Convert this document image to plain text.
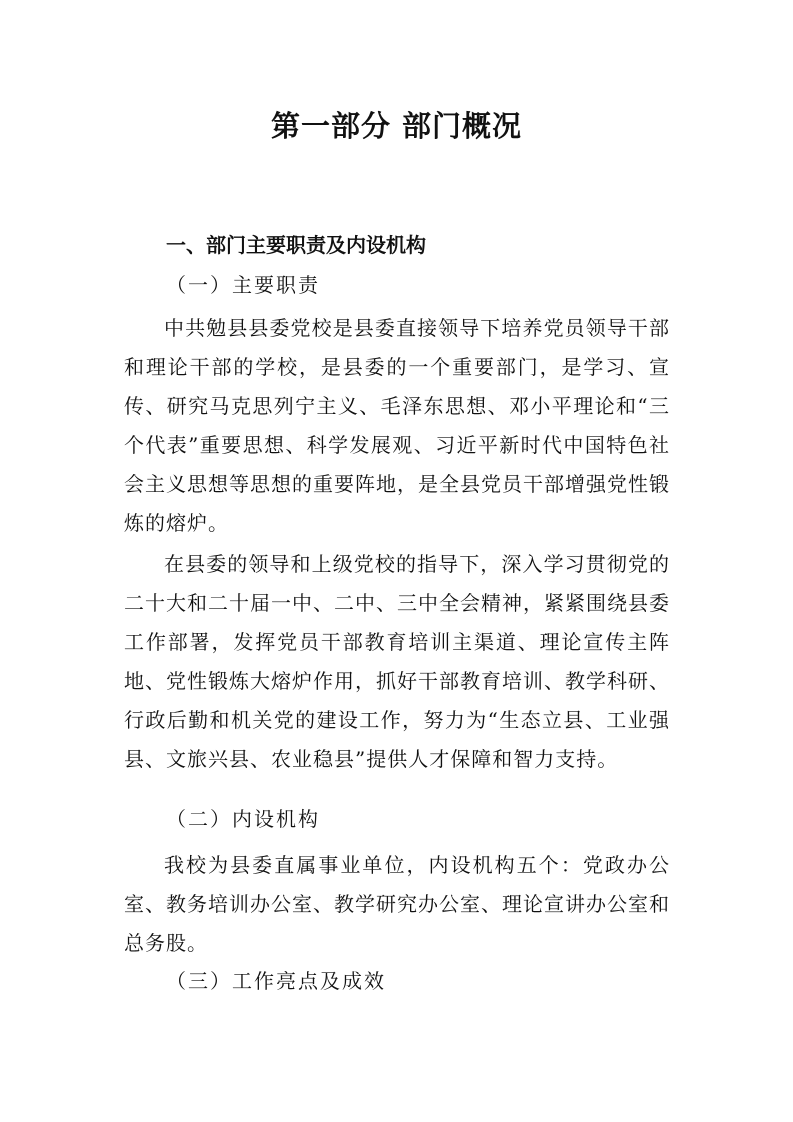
第一部分 部门概况
一、部门主要职责及内设机构
（一）主要职责
中共勉县县委党校是县委直接领导下培养党员领导干部和理论干部的学校，是县委的一个重要部门，是学习、宣传、研究马克思列宁主义、毛泽东思想、邓小平理论和“三个代表”重要思想、科学发展观、习近平新时代中国特色社会主义思想等思想的重要阵地，是全县党员干部增强党性锻炼的熔炉。
在县委的领导和上级党校的指导下，深入学习贯彻党的二十大和二十届一中、二中、三中全会精神，紧紧围绕县委工作部署，发挥党员干部教育培训主渠道、理论宣传主阵地、党性锻炼大熔炉作用，抓好干部教育培训、教学科研、行政后勤和机关党的建设工作，努力为“生态立县、工业强县、文旅兴县、农业稳县”提供人才保障和智力支持。
（二）内设机构
我校为县委直属事业单位，内设机构五个：党政办公室、教务培训办公室、教学研究办公室、理论宣讲办公室和总务股。
（三）工作亮点及成效
